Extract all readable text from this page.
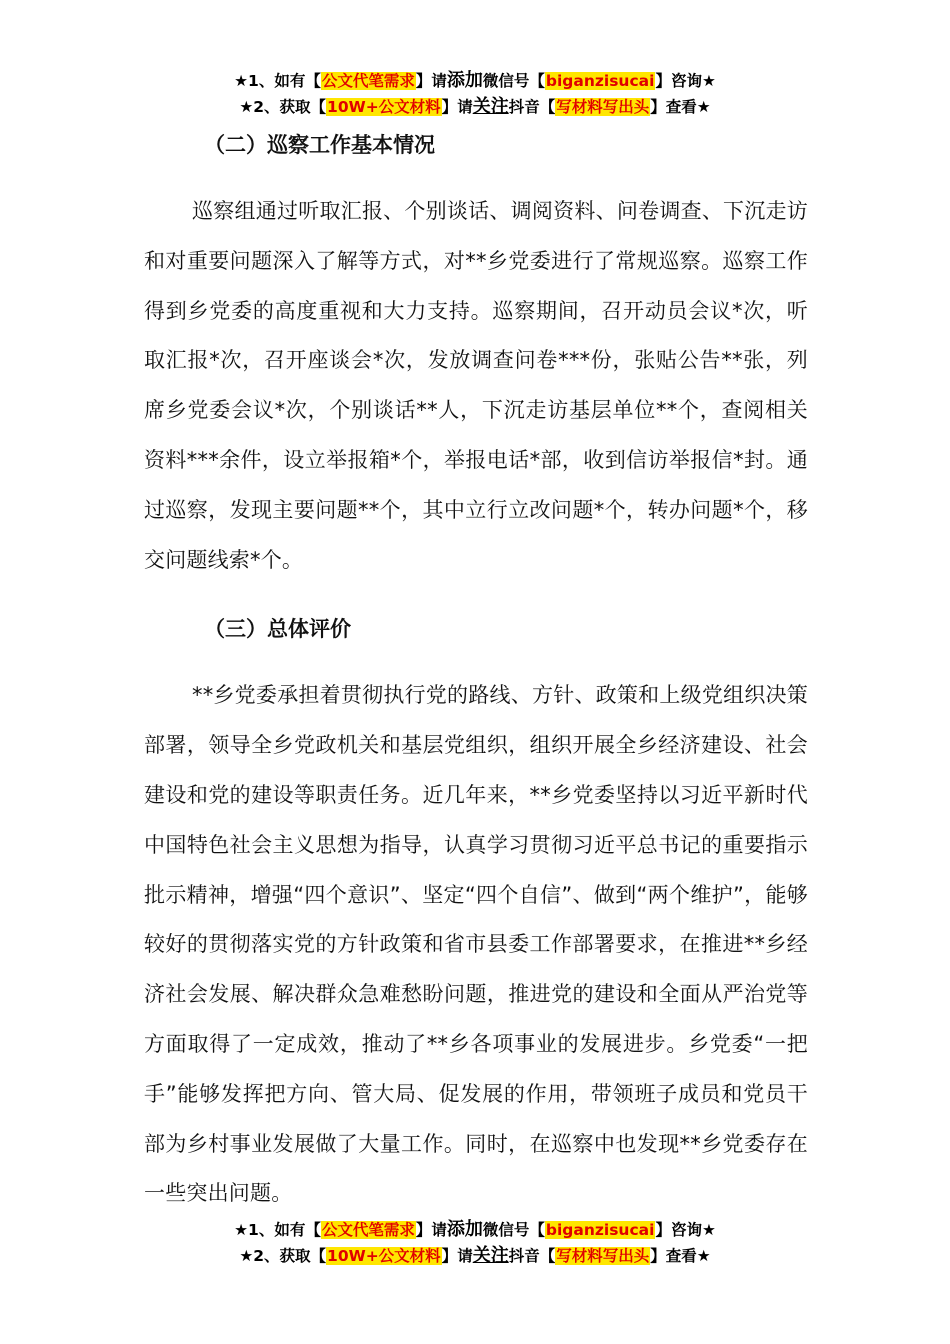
★1、如有【公文代笔需求】请添加微信号【biganzisucai】咨询★
★2、获取【10W+公文材料】请关注抖音【写材料写出头】查看★

（二）巡察工作基本情况

巡察组通过听取汇报、个别谈话、调阅资料、问卷调查、下沉走访和对重要问题深入了解等方式，对**乡党委进行了常规巡察。巡察工作得到乡党委的高度重视和大力支持。巡察期间，召开动员会议*次，听取汇报*次，召开座谈会*次，发放调查问卷***份，张贴公告**张，列席乡党委会议*次，个别谈话**人，下沉走访基层单位**个，查阅相关资料***余件，设立举报箱*个，举报电话*部，收到信访举报信*封。通过巡察，发现主要问题**个，其中立行立改问题*个，转办问题*个，移交问题线索*个。

（三）总体评价

**乡党委承担着贯彻执行党的路线、方针、政策和上级党组织决策部署，领导全乡党政机关和基层党组织，组织开展全乡经济建设、社会建设和党的建设等职责任务。近几年来，**乡党委坚持以习近平新时代中国特色社会主义思想为指导，认真学习贯彻习近平总书记的重要指示批示精神，增强“四个意识”、坚定“四个自信”、做到“两个维护”，能够较好的贯彻落实党的方针政策和省市县委工作部署要求，在推进**乡经济社会发展、解决群众急难愁盼问题，推进党的建设和全面从严治党等方面取得了一定成效，推动了**乡各项事业的发展进步。乡党委“一把手”能够发挥把方向、管大局、促发展的作用，带领班子成员和党员干部为乡村事业发展做了大量工作。同时，在巡察中也发现**乡党委存在一些突出问题。

★1、如有【公文代笔需求】请添加微信号【biganzisucai】咨询★
★2、获取【10W+公文材料】请关注抖音【写材料写出头】查看★
